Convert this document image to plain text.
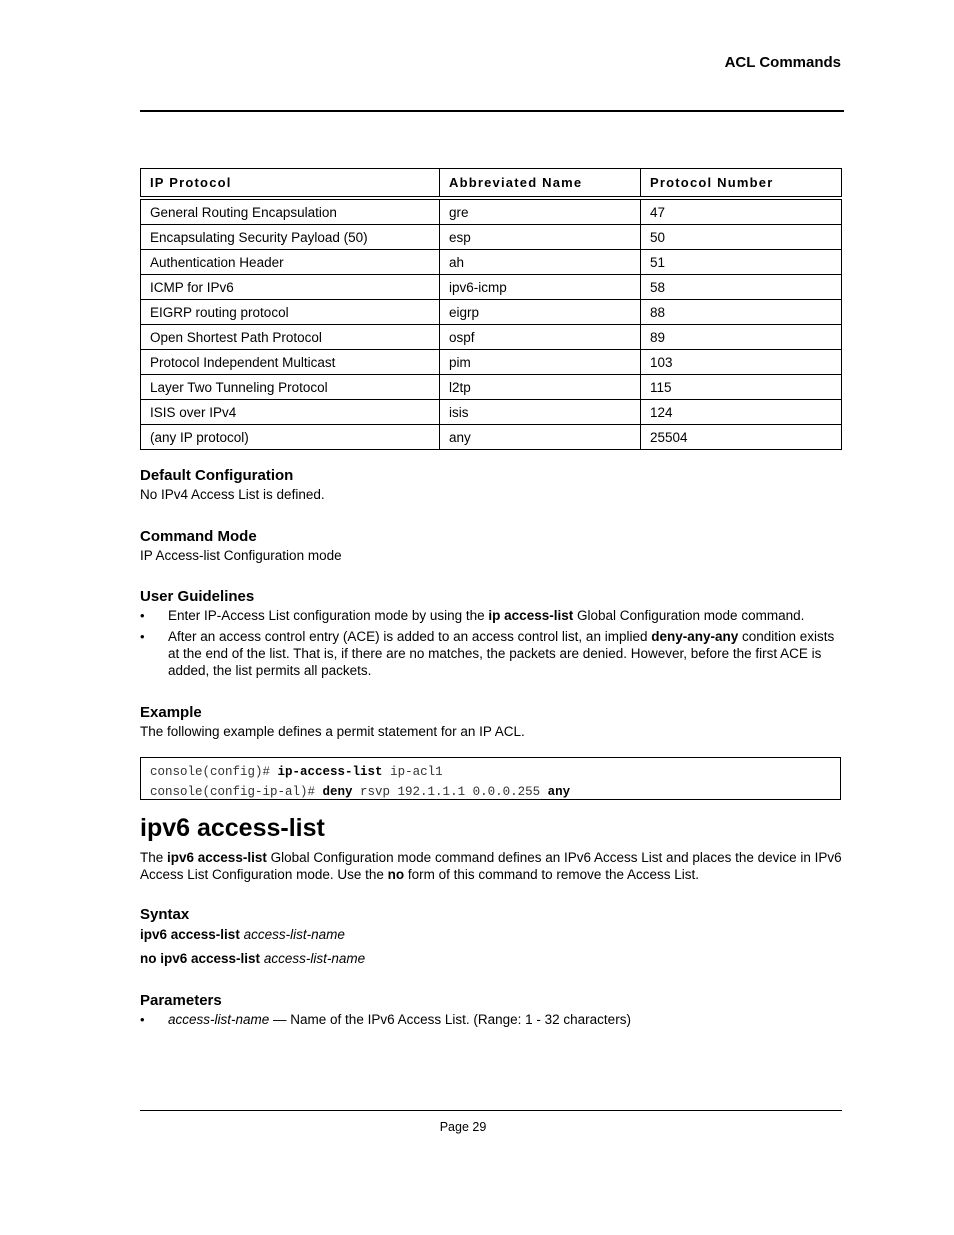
ACL Commands
IP Protocol	Abbreviated Name	Protocol Number
General Routing Encapsulation	gre	47
Encapsulating Security Payload (50)	esp	50
Authentication Header	ah	51
ICMP for IPv6	ipv6-icmp	58
EIGRP routing protocol	eigrp	88
Open Shortest Path Protocol	ospf	89
Protocol Independent Multicast	pim	103
Layer Two Tunneling Protocol	l2tp	115
ISIS over IPv4	isis	124
(any IP protocol)	any	25504
Default Configuration

No IPv4 Access List is defined.

Command Mode

IP Access-list Configuration mode

User Guidelines
• Enter IP-Access List configuration mode by using the ip access-list Global Configuration mode command.
• After an access control entry (ACE) is added to an access control list, an implied deny-any-any condition exists at the end of the list. That is, if there are no matches, the packets are denied. However, before the first ACE is added, the list permits all packets.
Example

The following example defines a permit statement for an IP ACL.

console(config)# ip-access-list ip-acl1
console(config-ip-al)# deny rsvp 192.1.1.1 0.0.0.255 any
ipv6 access-list

The ipv6 access-list Global Configuration mode command defines an IPv6 Access List and places the device in IPv6 Access List Configuration mode. Use the no form of this command to remove the Access List.

Syntax

ipv6 access-list access-list-name

no ipv6 access-list access-list-name

Parameters
• access-list-name — Name of the IPv6 Access List. (Range: 1 - 32 characters)
Page 29
